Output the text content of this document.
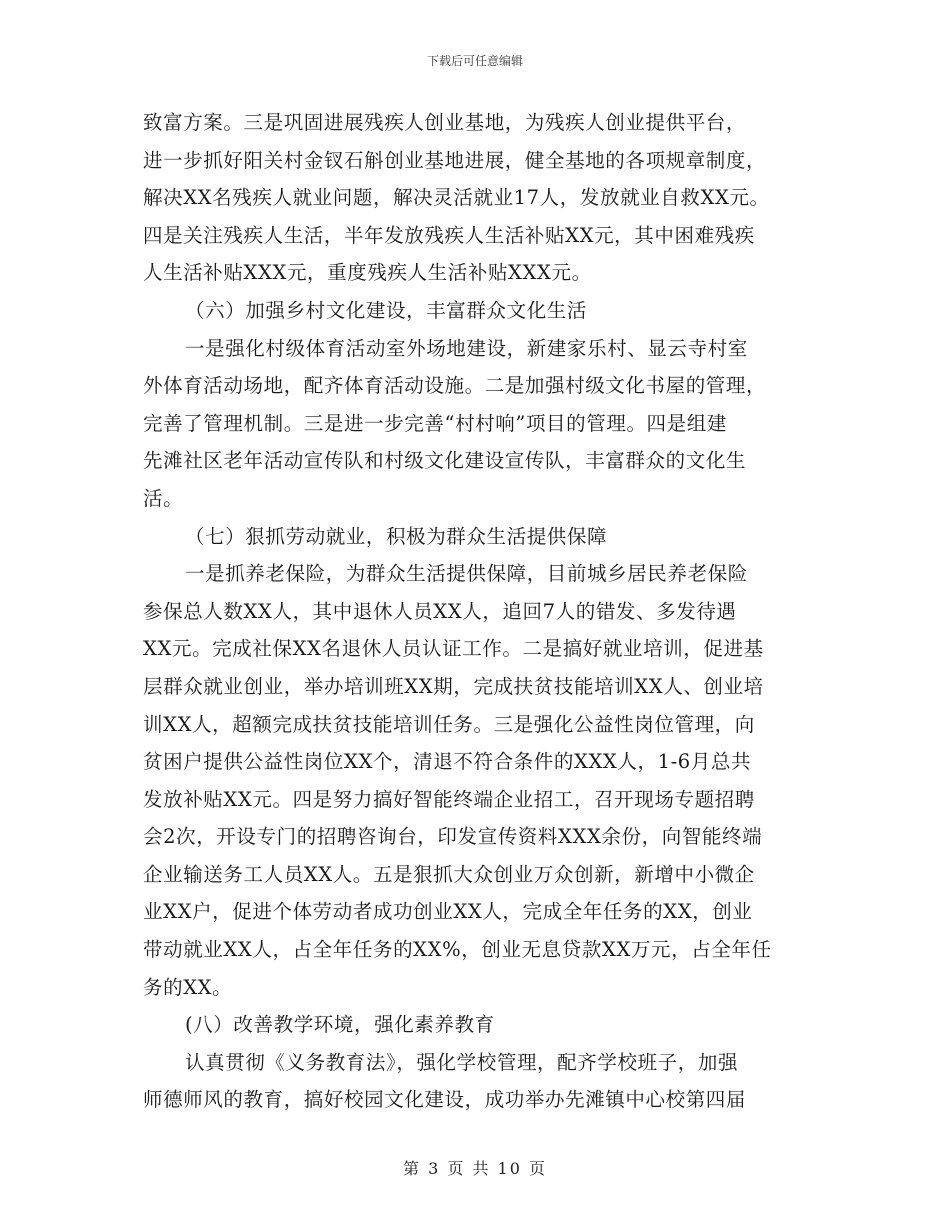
下载后可任意编辑
致富方案。三是巩固进展残疾人创业基地，为残疾人创业提供平台，
进一步抓好阳关村金钗石斛创业基地进展，健全基地的各项规章制度，
解决XX名残疾人就业问题，解决灵活就业17人，发放就业自救XX元。
四是关注残疾人生活，半年发放残疾人生活补贴XX元，其中困难残疾
人生活补贴XXX元，重度残疾人生活补贴XXX元。
（六）加强乡村文化建设，丰富群众文化生活
一是强化村级体育活动室外场地建设，新建家乐村、显云寺村室
外体育活动场地，配齐体育活动设施。二是加强村级文化书屋的管理，
完善了管理机制。三是进一步完善“村村响”项目的管理。四是组建
先滩社区老年活动宣传队和村级文化建设宣传队，丰富群众的文化生
活。
（七）狠抓劳动就业，积极为群众生活提供保障
一是抓养老保险，为群众生活提供保障，目前城乡居民养老保险
参保总人数XX人，其中退休人员XX人，追回7人的错发、多发待遇
XX元。完成社保XX名退休人员认证工作。二是搞好就业培训，促进基
层群众就业创业，举办培训班XX期，完成扶贫技能培训XX人、创业培
训XX人，超额完成扶贫技能培训任务。三是强化公益性岗位管理，向
贫困户提供公益性岗位XX个，清退不符合条件的XXX人，1-6月总共
发放补贴XX元。四是努力搞好智能终端企业招工，召开现场专题招聘
会2次，开设专门的招聘咨询台，印发宣传资料XXX余份，向智能终端
企业输送务工人员XX人。五是狠抓大众创业万众创新，新增中小微企
业XX户，促进个体劳动者成功创业XX人，完成全年任务的XX，创业
带动就业XX人，占全年任务的XX%，创业无息贷款XX万元，占全年任
务的XX。
(八）改善教学环境，强化素养教育
认真贯彻《义务教育法》，强化学校管理，配齐学校班子，加强
师德师风的教育，搞好校园文化建设，成功举办先滩镇中心校第四届
第 3 页 共 10 页
